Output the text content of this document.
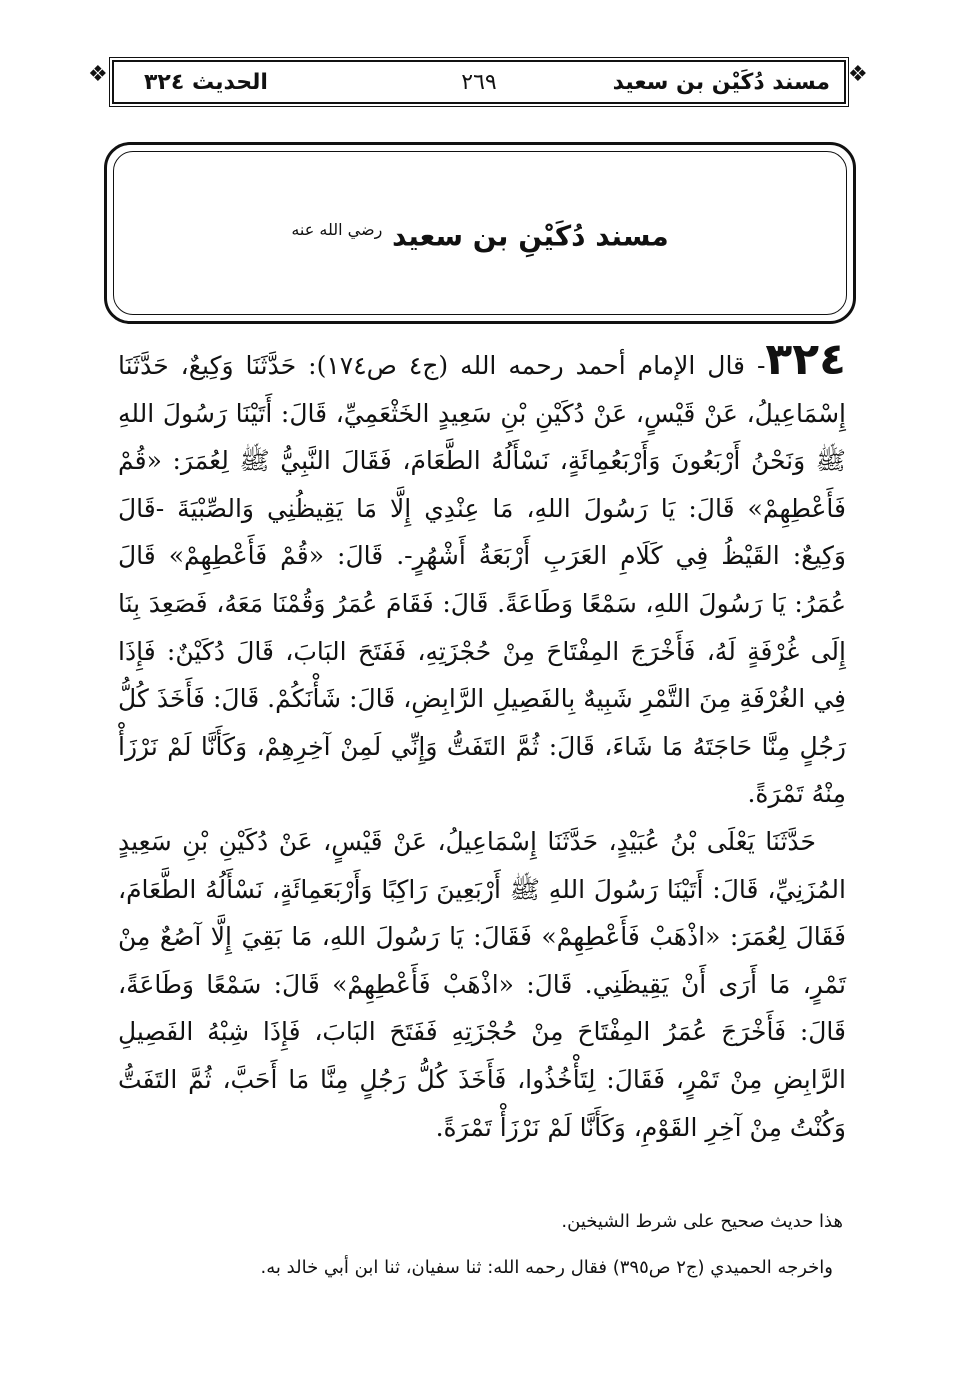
❖	❖
مسند دُكَيْن بن سعيد
٢٦٩
الحديث ٣٢٤
مسند دُكَيْنِ بن سعيد $^{رضي الله عنه}$

٣٢٤- قال الإمام أحمد رحمه الله (ج٤ ص١٧٤): حَدَّثَنَا وَكِيعٌ، حَدَّثَنَا إِسْمَاعِيلُ، عَنْ قَيْسٍ، عَنْ دُكَيْنِ بْنِ سَعِيدٍ الخَثْعَمِيِّ، قَالَ: أَتَيْنَا رَسُولَ اللهِ ﷺ وَنَحْنُ أَرْبَعُونَ وَأَرْبَعُمِائَةٍ، نَسْأَلُهُ الطَّعَامَ، فَقَالَ النَّبِيُّ ﷺ لِعُمَرَ: «قُمْ فَأَعْطِهِمْ» قَالَ: يَا رَسُولَ اللهِ، مَا عِنْدِي إِلَّا مَا يَقِيظُنِي وَالصِّبْيَةَ -قَالَ وَكِيعٌ: القَيْظُ فِي كَلَامِ العَرَبِ أَرْبَعَةُ أَشْهُرٍ-. قَالَ: «قُمْ فَأَعْطِهِمْ» قَالَ عُمَرُ: يَا رَسُولَ اللهِ، سَمْعًا وَطَاعَةً. قَالَ: فَقَامَ عُمَرُ وَقُمْنَا مَعَهُ، فَصَعِدَ بِنَا إِلَى غُرْفَةٍ لَهُ، فَأَخْرَجَ المِفْتَاحَ مِنْ حُجْزَتِهِ، فَفَتَحَ البَابَ، قَالَ دُكَيْنٌ: فَإِذَا فِي الغُرْفَةِ مِنَ التَّمْرِ شَبِيهٌ بِالفَصِيلِ الرَّابِضِ، قَالَ: شَأْنَكُمْ. قَالَ: فَأَخَذَ كُلُّ رَجُلٍ مِنَّا حَاجَتَهُ مَا شَاءَ، قَالَ: ثُمَّ التَفَتُّ وَإِنِّي لَمِنْ آخِرِهِمْ، وَكَأَنَّا لَمْ نَرْزَأْ مِنْهُ تَمْرَةً.

حَدَّثَنَا يَعْلَى بْنُ عُبَيْدٍ، حَدَّثَنَا إِسْمَاعِيلُ، عَنْ قَيْسٍ، عَنْ دُكَيْنِ بْنِ سَعِيدٍ المُزَنِيِّ، قَالَ: أَتَيْنَا رَسُولَ اللهِ ﷺ أَرْبَعِينَ رَاكِبًا وَأَرْبَعَمِائَةٍ، نَسْأَلُهُ الطَّعَامَ، فَقَالَ لِعُمَرَ: «اذْهَبْ فَأَعْطِهِمْ» فَقَالَ: يَا رَسُولَ اللهِ، مَا بَقِيَ إِلَّا آصُعٌ مِنْ تَمْرٍ، مَا أَرَى أَنْ يَقِيظَنِي. قَالَ: «اذْهَبْ فَأَعْطِهِمْ» قَالَ: سَمْعًا وَطَاعَةً، قَالَ: فَأَخْرَجَ عُمَرُ المِفْتَاحَ مِنْ حُجْزَتِهِ فَفَتَحَ البَابَ، فَإِذَا شِبْهُ الفَصِيلِ الرَّابِضِ مِنْ تَمْرٍ، فَقَالَ: لِتَأْخُذُوا، فَأَخَذَ كُلُّ رَجُلٍ مِنَّا مَا أَحَبَّ، ثُمَّ التَفَتُّ وَكُنْتُ مِنْ آخِرِ القَوْمِ، وَكَأَنَّا لَمْ نَرْزَأْ تَمْرَةً.

هذا حديث صحيح على شرط الشيخين.
واخرجه الحميدي (ج٢ ص٣٩٥) فقال رحمه الله: ثنا سفيان، ثنا ابن أبي خالد به.
